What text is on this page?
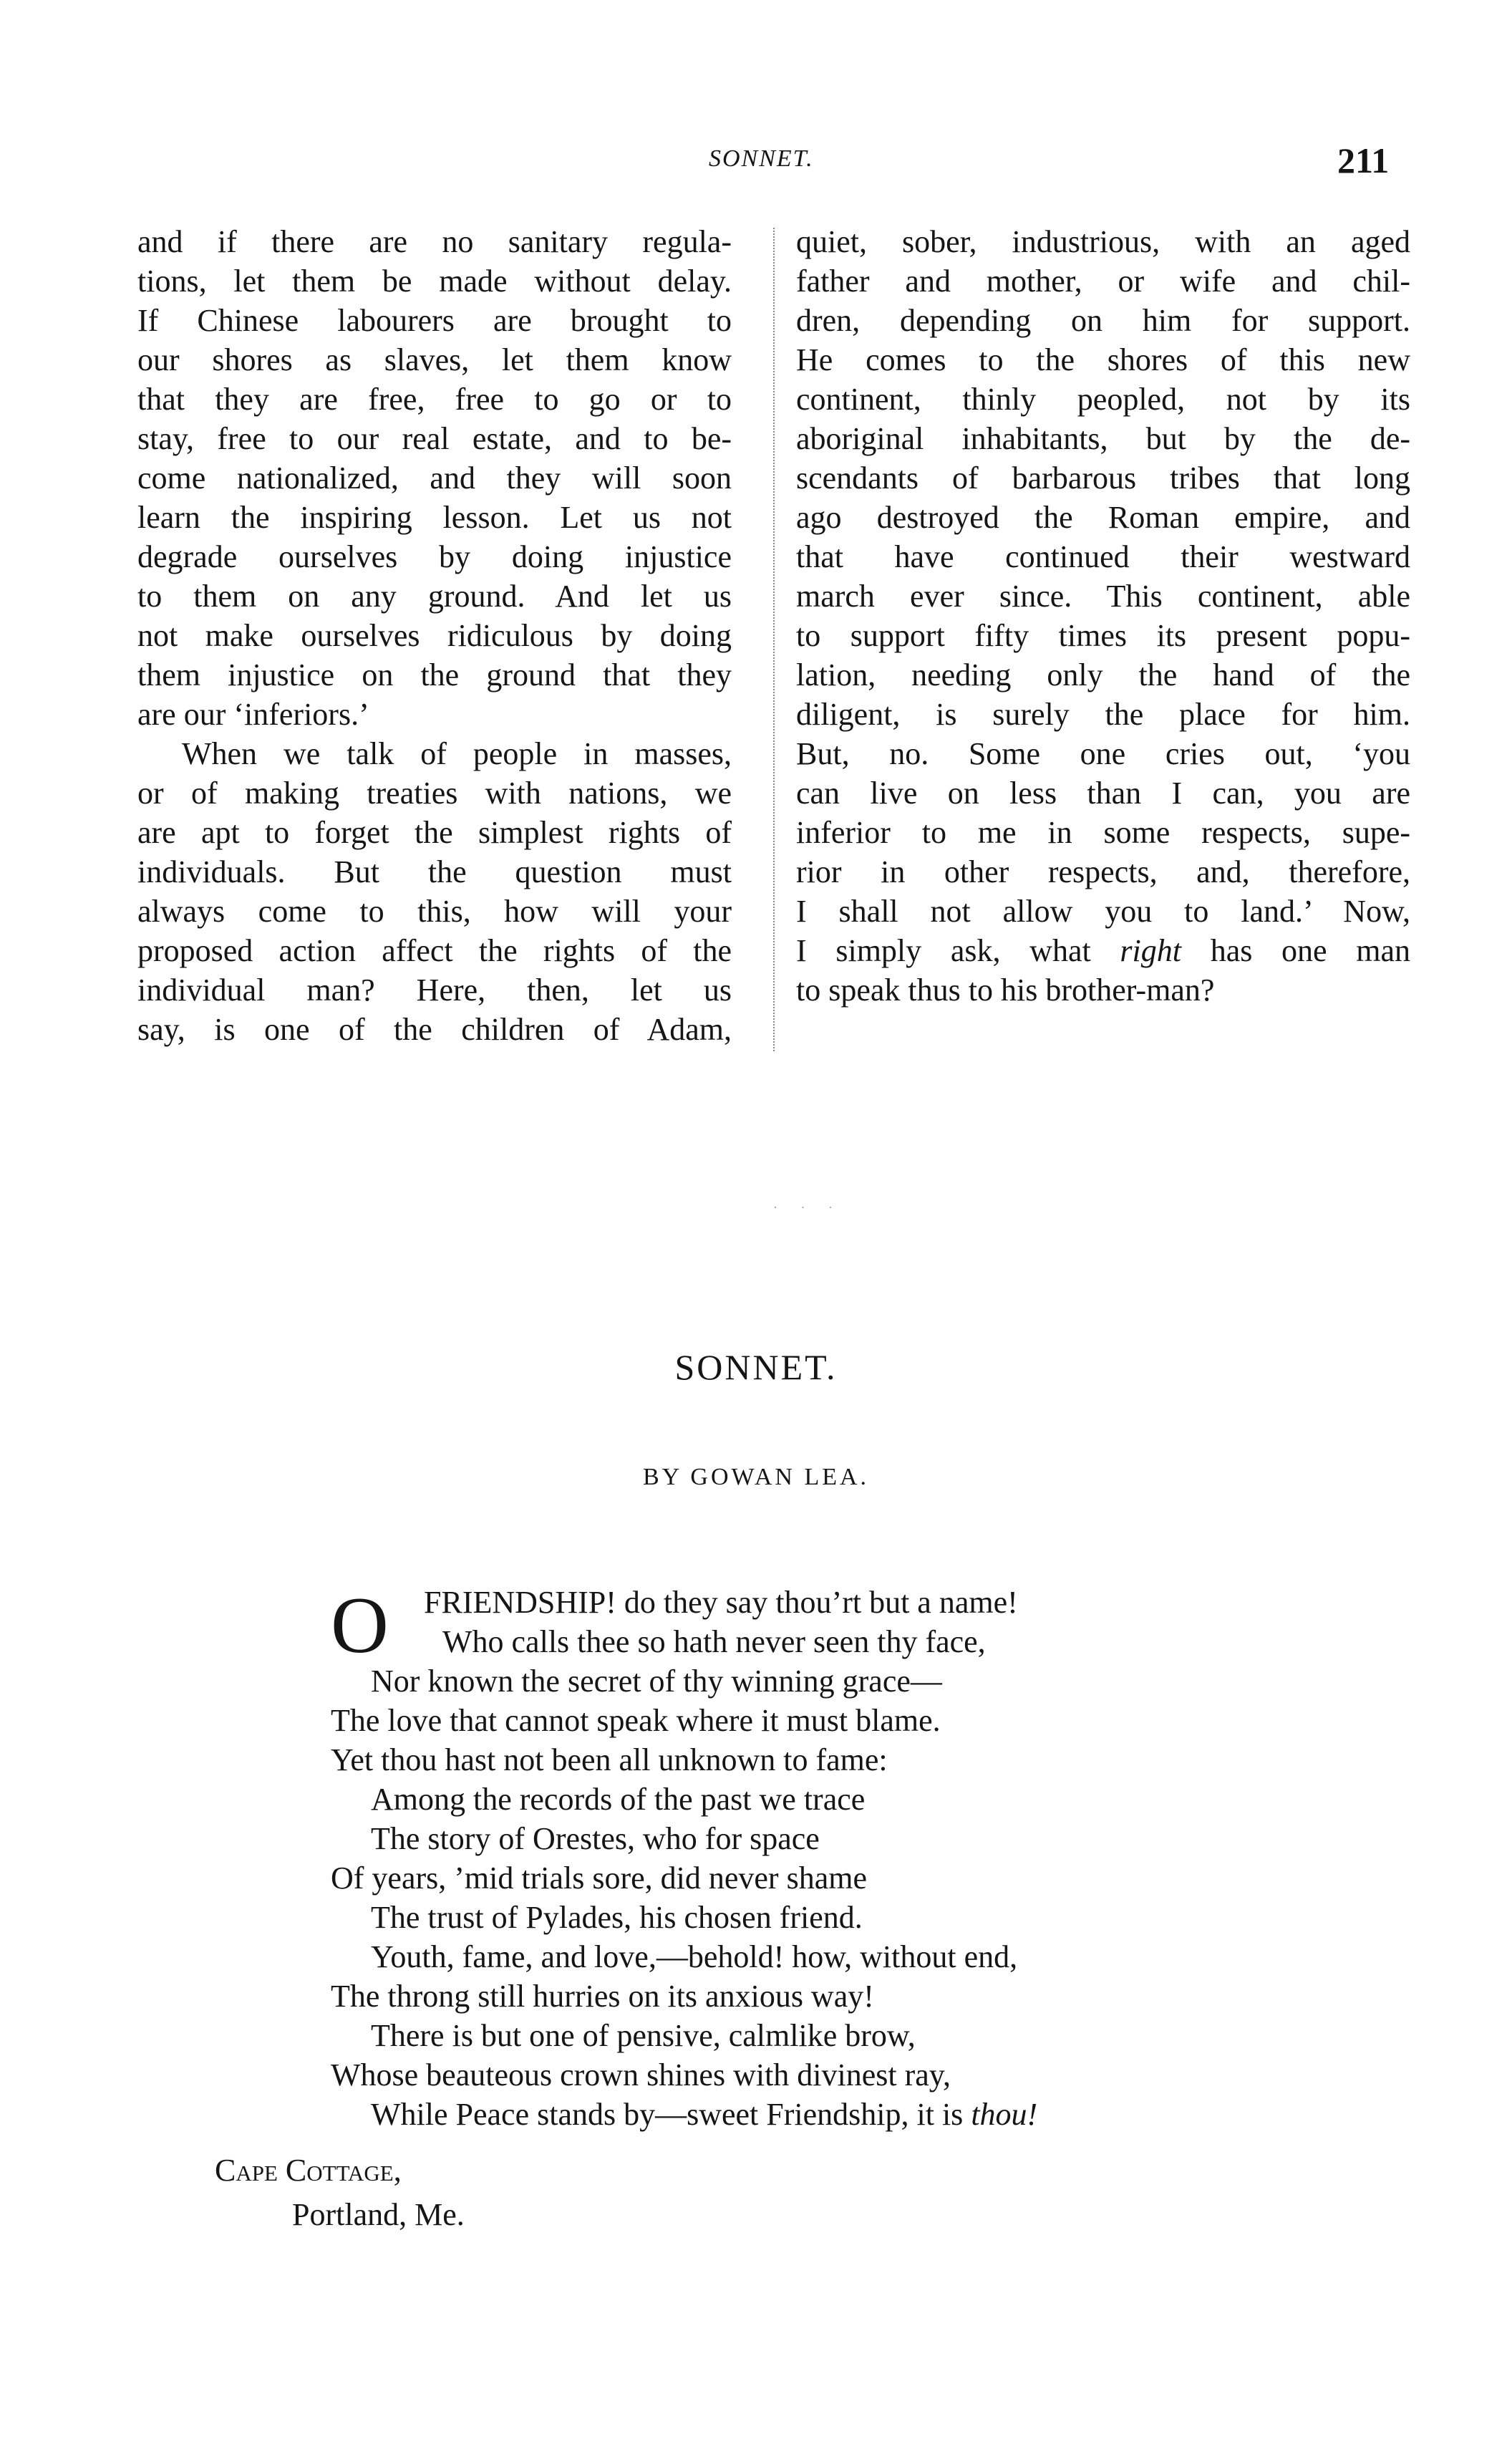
SONNET.	211
and if there are no sanitary regula-
tions, let them be made without delay.
If Chinese labourers are brought to
our shores as slaves, let them know
that they are free, free to go or to
stay, free to our real estate, and to be-
come nationalized, and they will soon
learn the inspiring lesson. Let us not
degrade ourselves by doing injustice
to them on any ground. And let us
not make ourselves ridiculous by doing
them injustice on the ground that they
are our ‘inferiors.’
When we talk of people in masses,
or of making treaties with nations, we
are apt to forget the simplest rights of
individuals. But the question must
always come to this, how will your
proposed action affect the rights of the
individual man? Here, then, let us
say, is one of the children of Adam,
quiet, sober, industrious, with an aged
father and mother, or wife and chil-
dren, depending on him for support.
He comes to the shores of this new
continent, thinly peopled, not by its
aboriginal inhabitants, but by the de-
scendants of barbarous tribes that long
ago destroyed the Roman empire, and
that have continued their westward
march ever since. This continent, able
to support fifty times its present popu-
lation, needing only the hand of the
diligent, is surely the place for him.
But, no. Some one cries out, ‘you
can live on less than I can, you are
inferior to me in some respects, supe-
rior in other respects, and, therefore,
I shall not allow you to land.’ Now,
I simply ask, what right has one man
to speak thus to his brother-man?
· · ·
SONNET.
BY GOWAN LEA.
O	FRIENDSHIP! do they say thou’rt but a name!
Who calls thee so hath never seen thy face,
Nor known the secret of thy winning grace—
The love that cannot speak where it must blame.
Yet thou hast not been all unknown to fame:
Among the records of the past we trace
The story of Orestes, who for space
Of years, ’mid trials sore, did never shame
The trust of Pylades, his chosen friend.
Youth, fame, and love,—behold! how, without end,
The throng still hurries on its anxious way!
There is but one of pensive, calmlike brow,
Whose beauteous crown shines with divinest ray,
While Peace stands by—sweet Friendship, it is thou!
Cape Cottage,
Portland, Me.
